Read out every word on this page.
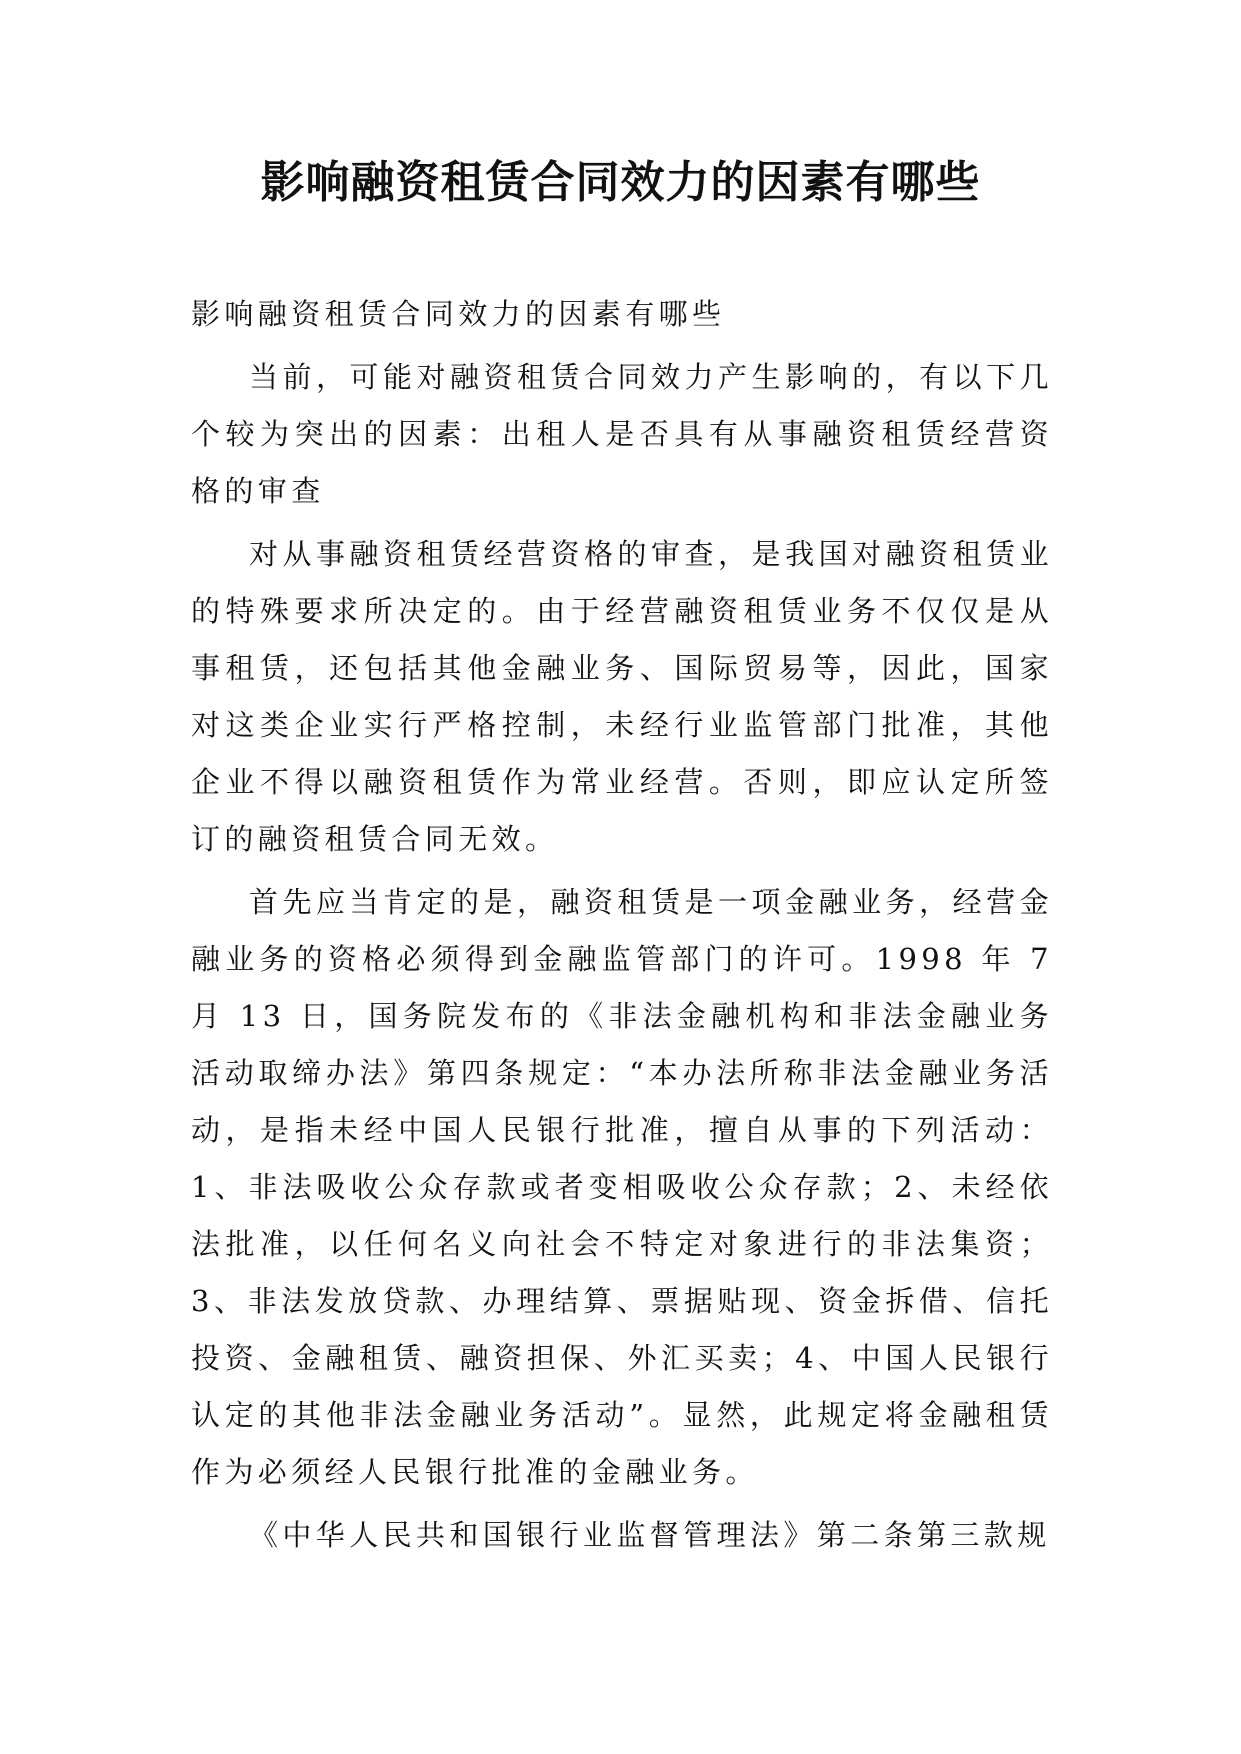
影响融资租赁合同效力的因素有哪些

影响融资租赁合同效力的因素有哪些

当前，可能对融资租赁合同效力产生影响的，有以下几个较为突出的因素：出租人是否具有从事融资租赁经营资格的审查

对从事融资租赁经营资格的审查，是我国对融资租赁业的特殊要求所决定的。由于经营融资租赁业务不仅仅是从事租赁，还包括其他金融业务、国际贸易等，因此，国家对这类企业实行严格控制，未经行业监管部门批准，其他企业不得以融资租赁作为常业经营。否则，即应认定所签订的融资租赁合同无效。

首先应当肯定的是，融资租赁是一项金融业务，经营金融业务的资格必须得到金融监管部门的许可。1998 年 7 月 13 日，国务院发布的《非法金融机构和非法金融业务活动取缔办法》第四条规定：“本办法所称非法金融业务活动，是指未经中国人民银行批准，擅自从事的下列活动：1、非法吸收公众存款或者变相吸收公众存款；2、未经依法批准，以任何名义向社会不特定对象进行的非法集资；3、非法发放贷款、办理结算、票据贴现、资金拆借、信托投资、金融租赁、融资担保、外汇买卖；4、中国人民银行认定的其他非法金融业务活动”。显然，此规定将金融租赁作为必须经人民银行批准的金融业务。

《中华人民共和国银行业监督管理法》第二条第三款规
